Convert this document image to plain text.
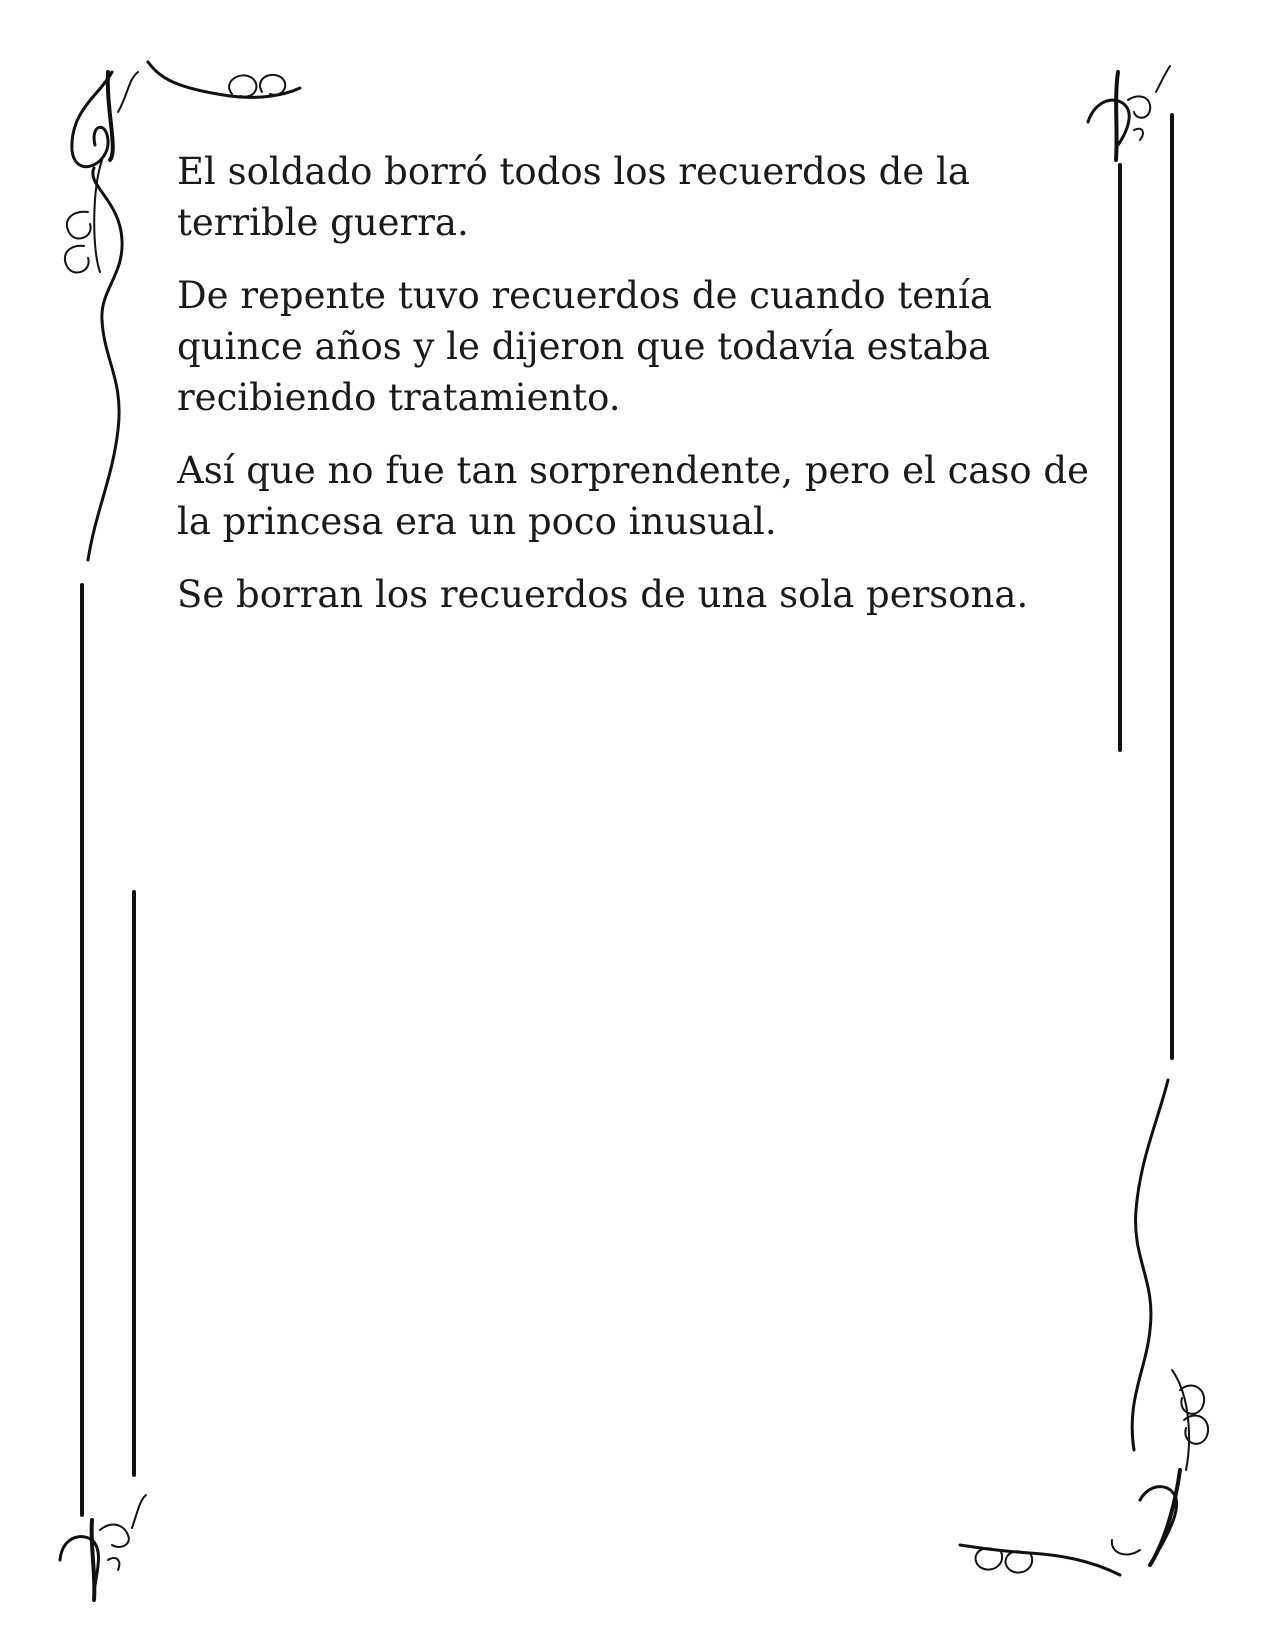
El soldado borró todos los recuerdos de la terrible guerra.

De repente tuvo recuerdos de cuando tenía quince años y le dijeron que todavía estaba recibiendo tratamiento.

Así que no fue tan sorprendente, pero el caso de la princesa era un poco inusual.

Se borran los recuerdos de una sola persona.
